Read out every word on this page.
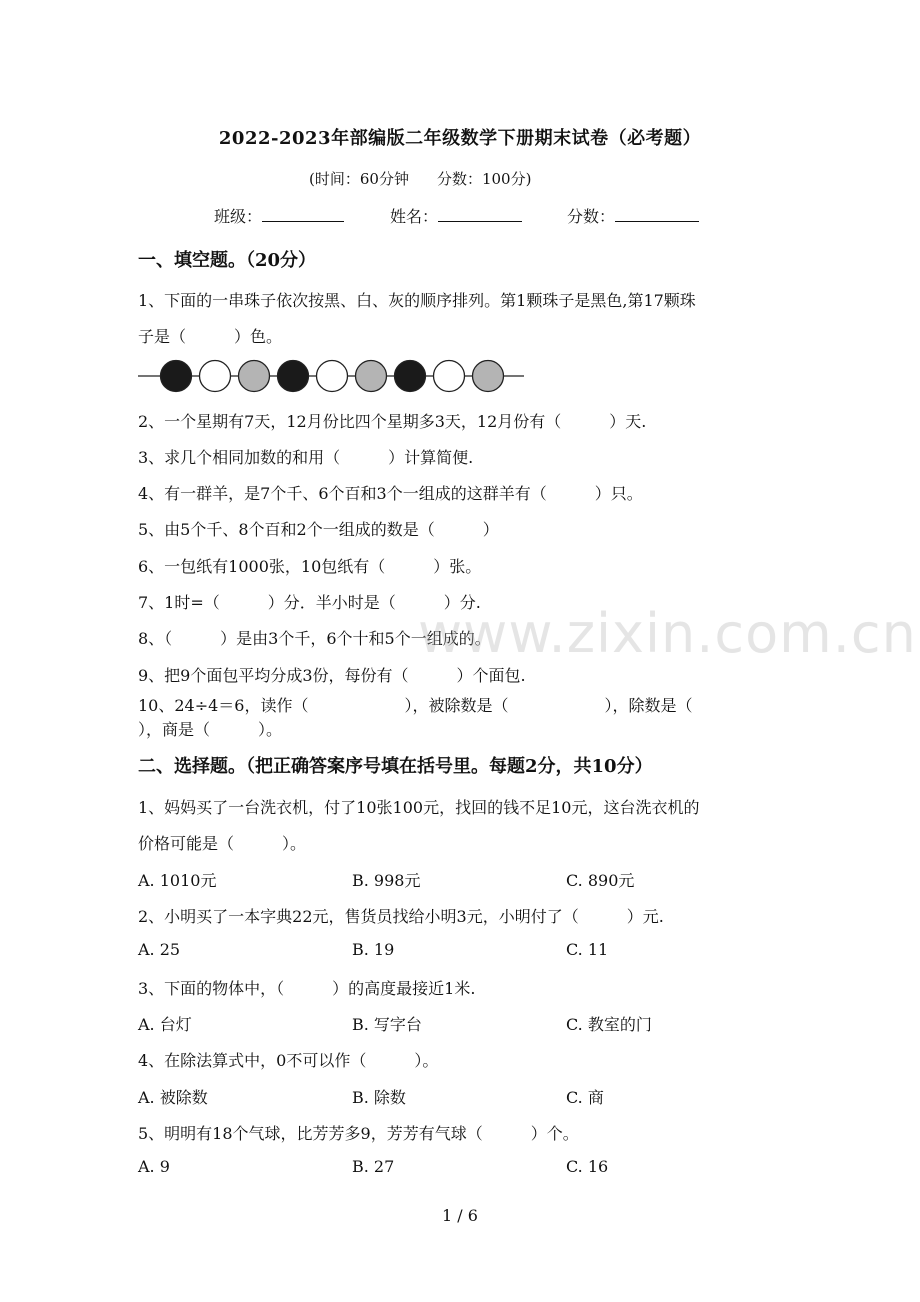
2022-2023年部编版二年级数学下册期末试卷（必考题）
(时间：60分钟 分数：100分)
班级：	姓名：	分数：
一、填空题。（20分）
1、下面的一串珠子依次按黑、白、灰的顺序排列。第1颗珠子是黑色,第17颗珠
子是（　　　）色。
2、一个星期有7天，12月份比四个星期多3天，12月份有（　　　）天.
3、求几个相同加数的和用（　　　）计算简便.
4、有一群羊，是7个千、6个百和3个一组成的这群羊有（　　　）只。
5、由5个千、8个百和2个一组成的数是（　　　）
6、一包纸有1000张，10包纸有（　　　）张。
7、1时=（　　　）分．半小时是（　　　）分.
8、（　　　）是由3个千，6个十和5个一组成的。
9、把9个面包平均分成3份，每份有（　　　）个面包.
10、24÷4＝6，读作（　　　　　　），被除数是（　　　　　　），除数是（
），商是（　　　）。
二、选择题。（把正确答案序号填在括号里。每题2分，共10分）
1、妈妈买了一台洗衣机，付了10张100元，找回的钱不足10元，这台洗衣机的
价格可能是（　　　）。
A. 1010元	B. 998元	C. 890元
2、小明买了一本字典22元，售货员找给小明3元，小明付了（　　　）元.
A. 25	B. 19	C. 11
3、下面的物体中，（　　　）的高度最接近1米.
A. 台灯	B. 写字台	C. 教室的门
4、在除法算式中，0不可以作（　　　）。
A. 被除数	B. 除数	C. 商
5、明明有18个气球，比芳芳多9，芳芳有气球（　　　）个。
A. 9	B. 27	C. 16
www.zixin.com.cn
1 / 6
